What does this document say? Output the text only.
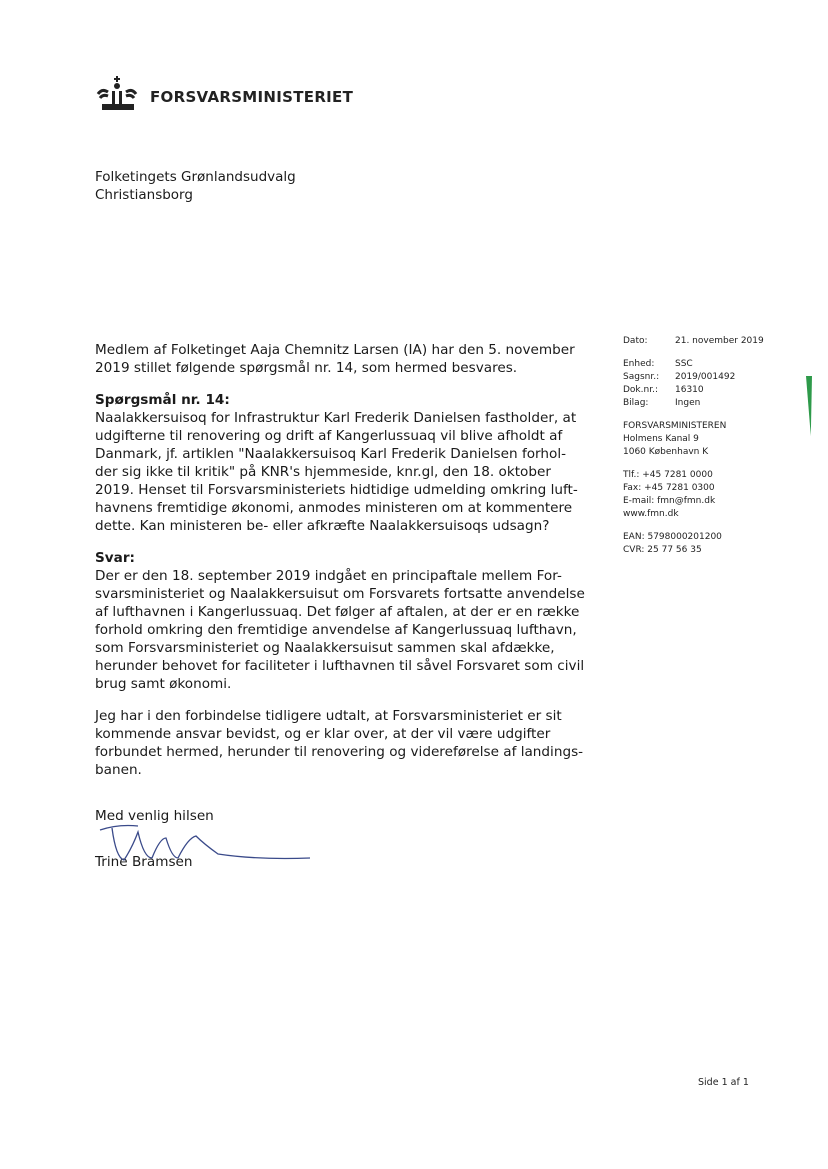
FORSVARSMINISTERIET
Folketingets Grønlandsudvalg
Christiansborg
Medlem af Folketinget Aaja Chemnitz Larsen (IA) har den 5. november
2019 stillet følgende spørgsmål nr. 14, som hermed besvares.
Spørgsmål nr. 14:
Naalakkersuisoq for Infrastruktur Karl Frederik Danielsen fastholder, at
udgifterne til renovering og drift af Kangerlussuaq vil blive afholdt af
Danmark, jf. artiklen "Naalakkersuisoq Karl Frederik Danielsen forhol-
der sig ikke til kritik" på KNR's hjemmeside, knr.gl, den 18. oktober
2019. Henset til Forsvarsministeriets hidtidige udmelding omkring luft-
havnens fremtidige økonomi, anmodes ministeren om at kommentere
dette. Kan ministeren be- eller afkræfte Naalakkersuisoqs udsagn?
Svar:
Der er den 18. september 2019 indgået en principaftale mellem For-
svarsministeriet og Naalakkersuisut om Forsvarets fortsatte anvendelse
af lufthavnen i Kangerlussuaq. Det følger af aftalen, at der er en række
forhold omkring den fremtidige anvendelse af Kangerlussuaq lufthavn,
som Forsvarsministeriet og Naalakkersuisut sammen skal afdække,
herunder behovet for faciliteter i lufthavnen til såvel Forsvaret som civil
brug samt økonomi.
Jeg har i den forbindelse tidligere udtalt, at Forsvarsministeriet er sit
kommende ansvar bevidst, og er klar over, at der vil være udgifter
forbundet hermed, herunder til renovering og videreførelse af landings-
banen.
Med venlig hilsen
Trine Bramsen
Dato:	21. november 2019
Enhed:	SSC
Sagsnr.:	2019/001492
Dok.nr.:	16310
Bilag:	Ingen
FORSVARSMINISTEREN
Holmens Kanal 9
1060 København K
Tlf.: +45 7281 0000
Fax: +45 7281 0300
E-mail: fmn@fmn.dk
www.fmn.dk
EAN: 5798000201200
CVR: 25 77 56 35
Side 1 af 1
